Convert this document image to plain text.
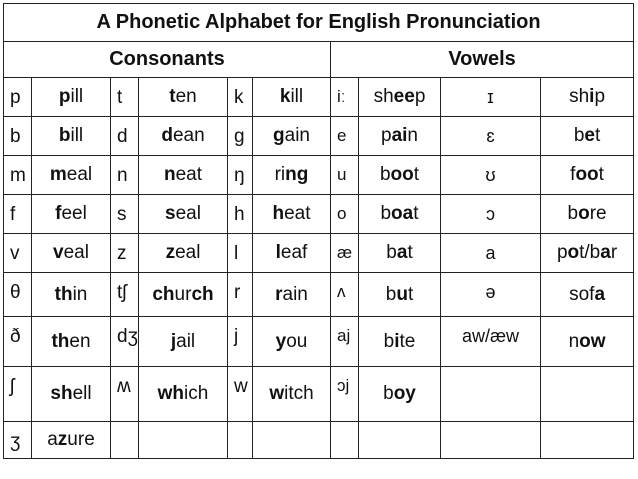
A Phonetic Alphabet for English Pronunciation									
Consonants						Vowels			
p	pill	t	ten	k	kill	iː	sheep	ɪ	ship
b	bill	d	dean	g	gain	e	pain	ɛ	bet
m	meal	n	neat	ŋ	ring	u	boot	ʊ	foot
f	feel	s	seal	h	heat	o	boat	ɔ	bore
v	veal	z	zeal	l	leaf	æ	bat	a	pot/bar
θ	thin	tʃ	church	r	rain	ʌ	but	ə	sofa
ð	then	dʒ	jail	j	you	aj	bite	aw/æw	now
ʃ	shell	ʍ	which	w	witch	ɔj	boy		
ʒ	azure								
